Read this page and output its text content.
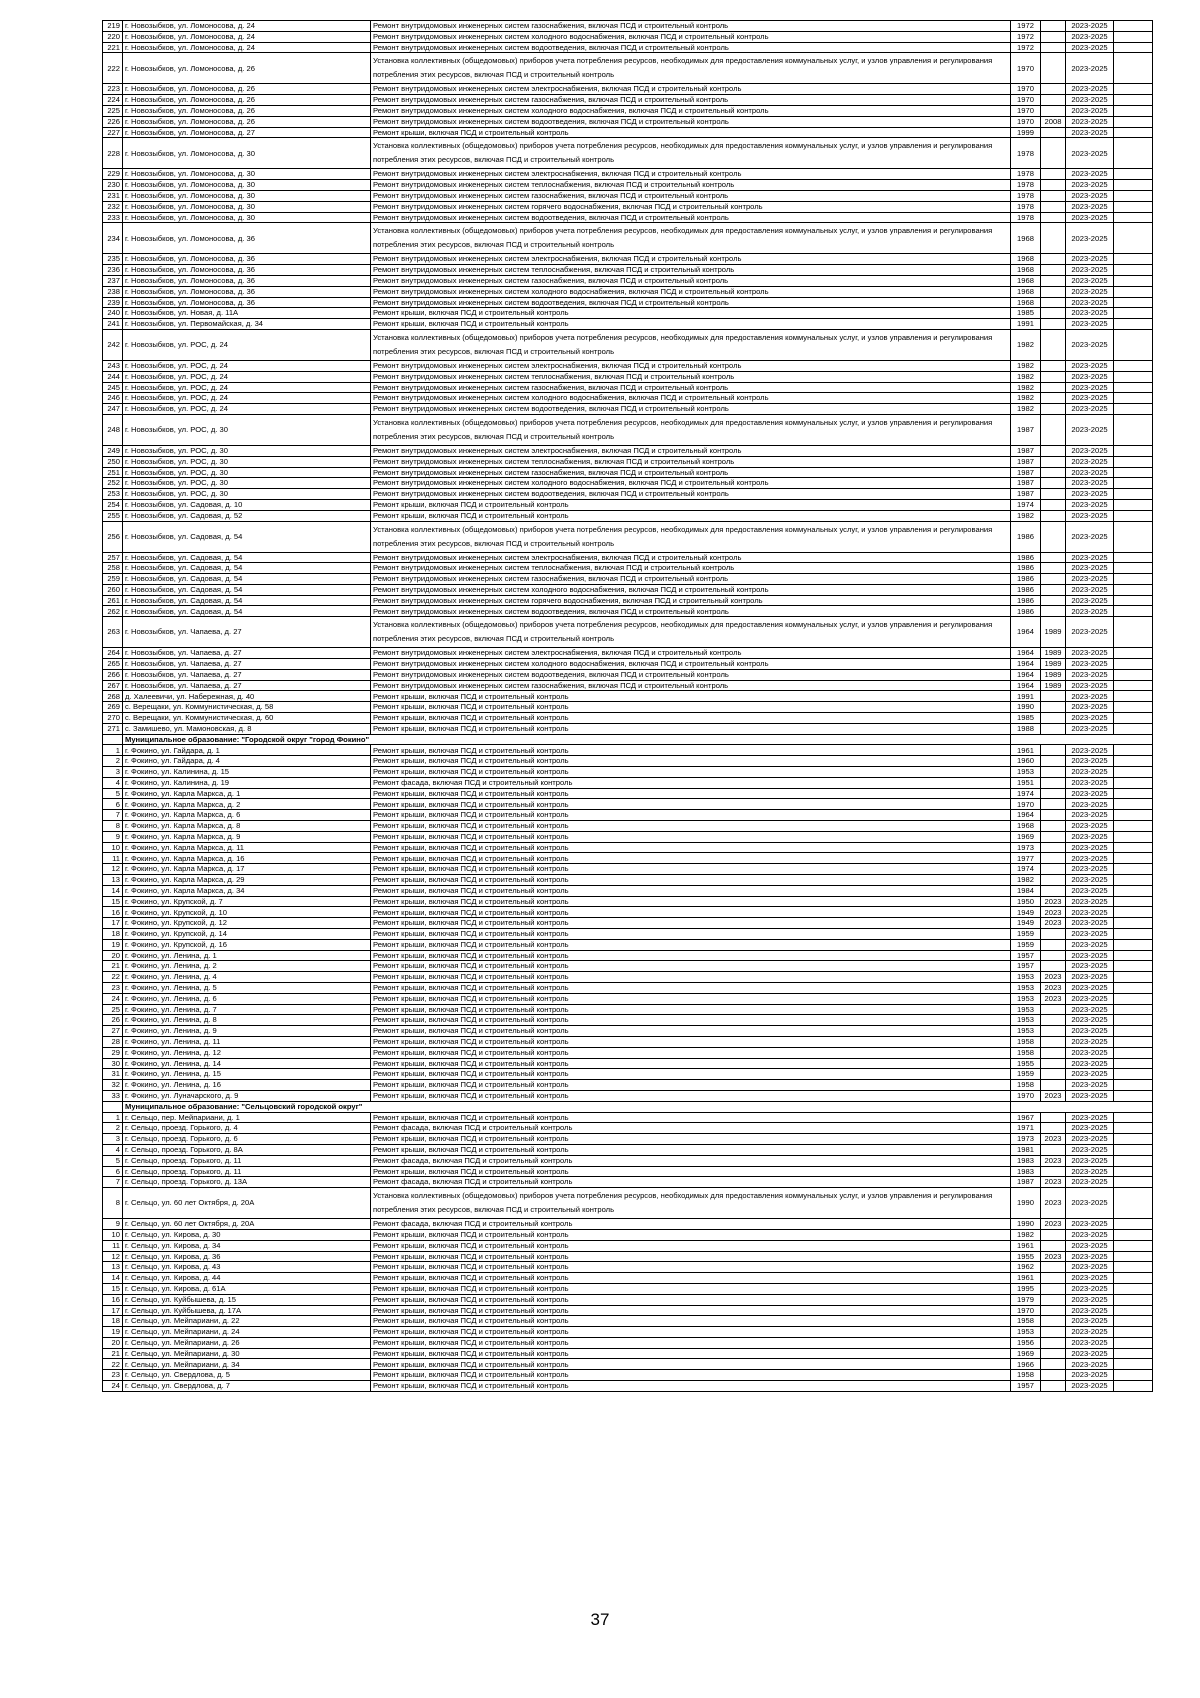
219	г. Новозыбков, ул. Ломоносова, д. 24	Ремонт внутридомовых инженерных систем газоснабжения, включая ПСД и строительный контроль	1972		2023-2025	
220	г. Новозыбков, ул. Ломоносова, д. 24	Ремонт внутридомовых инженерных систем холодного водоснабжения, включая ПСД и строительный контроль	1972		2023-2025	
221	г. Новозыбков, ул. Ломоносова, д. 24	Ремонт внутридомовых инженерных систем водоотведения, включая ПСД и строительный контроль	1972		2023-2025	
222	г. Новозыбков, ул. Ломоносова, д. 26	Установка коллективных (общедомовых) приборов учета потребления ресурсов, необходимых для предоставления коммунальных услуг, и узлов управления и регулирования потребления этих ресурсов, включая ПСД и строительный контроль	1970		2023-2025	
223	г. Новозыбков, ул. Ломоносова, д. 26	Ремонт внутридомовых инженерных систем электроснабжения, включая ПСД и строительный контроль	1970		2023-2025	
224	г. Новозыбков, ул. Ломоносова, д. 26	Ремонт внутридомовых инженерных систем газоснабжения, включая ПСД и строительный контроль	1970		2023-2025	
225	г. Новозыбков, ул. Ломоносова, д. 26	Ремонт внутридомовых инженерных систем холодного водоснабжения, включая ПСД и строительный контроль	1970		2023-2025	
226	г. Новозыбков, ул. Ломоносова, д. 26	Ремонт внутридомовых инженерных систем водоотведения, включая ПСД и строительный контроль	1970	2008	2023-2025	
227	г. Новозыбков, ул. Ломоносова, д. 27	Ремонт крыши, включая ПСД и строительный контроль	1999		2023-2025	
228	г. Новозыбков, ул. Ломоносова, д. 30	Установка коллективных (общедомовых) приборов учета потребления ресурсов, необходимых для предоставления коммунальных услуг, и узлов управления и регулирования потребления этих ресурсов, включая ПСД и строительный контроль	1978		2023-2025	
229	г. Новозыбков, ул. Ломоносова, д. 30	Ремонт внутридомовых инженерных систем электроснабжения, включая ПСД и строительный контроль	1978		2023-2025	
230	г. Новозыбков, ул. Ломоносова, д. 30	Ремонт внутридомовых инженерных систем теплоснабжения, включая ПСД и строительный контроль	1978		2023-2025	
231	г. Новозыбков, ул. Ломоносова, д. 30	Ремонт внутридомовых инженерных систем газоснабжения, включая ПСД и строительный контроль	1978		2023-2025	
232	г. Новозыбков, ул. Ломоносова, д. 30	Ремонт внутридомовых инженерных систем горячего водоснабжения, включая ПСД и строительный контроль	1978		2023-2025	
233	г. Новозыбков, ул. Ломоносова, д. 30	Ремонт внутридомовых инженерных систем водоотведения, включая ПСД и строительный контроль	1978		2023-2025	
234	г. Новозыбков, ул. Ломоносова, д. 36	Установка коллективных (общедомовых) приборов учета потребления ресурсов, необходимых для предоставления коммунальных услуг, и узлов управления и регулирования потребления этих ресурсов, включая ПСД и строительный контроль	1968		2023-2025	
235	г. Новозыбков, ул. Ломоносова, д. 36	Ремонт внутридомовых инженерных систем электроснабжения, включая ПСД и строительный контроль	1968		2023-2025	
236	г. Новозыбков, ул. Ломоносова, д. 36	Ремонт внутридомовых инженерных систем теплоснабжения, включая ПСД и строительный контроль	1968		2023-2025	
237	г. Новозыбков, ул. Ломоносова, д. 36	Ремонт внутридомовых инженерных систем газоснабжения, включая ПСД и строительный контроль	1968		2023-2025	
238	г. Новозыбков, ул. Ломоносова, д. 36	Ремонт внутридомовых инженерных систем холодного водоснабжения, включая ПСД и строительный контроль	1968		2023-2025	
239	г. Новозыбков, ул. Ломоносова, д. 36	Ремонт внутридомовых инженерных систем водоотведения, включая ПСД и строительный контроль	1968		2023-2025	
240	г. Новозыбков, ул. Новая, д. 11А	Ремонт крыши, включая ПСД и строительный контроль	1985		2023-2025	
241	г. Новозыбков, ул. Первомайская, д. 34	Ремонт крыши, включая ПСД и строительный контроль	1991		2023-2025	
242	г. Новозыбков, ул. РОС, д. 24	Установка коллективных (общедомовых) приборов учета потребления ресурсов, необходимых для предоставления коммунальных услуг, и узлов управления и регулирования потребления этих ресурсов, включая ПСД и строительный контроль	1982		2023-2025	
243	г. Новозыбков, ул. РОС, д. 24	Ремонт внутридомовых инженерных систем электроснабжения, включая ПСД и строительный контроль	1982		2023-2025	
244	г. Новозыбков, ул. РОС, д. 24	Ремонт внутридомовых инженерных систем теплоснабжения, включая ПСД и строительный контроль	1982		2023-2025	
245	г. Новозыбков, ул. РОС, д. 24	Ремонт внутридомовых инженерных систем газоснабжения, включая ПСД и строительный контроль	1982		2023-2025	
246	г. Новозыбков, ул. РОС, д. 24	Ремонт внутридомовых инженерных систем холодного водоснабжения, включая ПСД и строительный контроль	1982		2023-2025	
247	г. Новозыбков, ул. РОС, д. 24	Ремонт внутридомовых инженерных систем водоотведения, включая ПСД и строительный контроль	1982		2023-2025	
248	г. Новозыбков, ул. РОС, д. 30	Установка коллективных (общедомовых) приборов учета потребления ресурсов, необходимых для предоставления коммунальных услуг, и узлов управления и регулирования потребления этих ресурсов, включая ПСД и строительный контроль	1987		2023-2025	
249	г. Новозыбков, ул. РОС, д. 30	Ремонт внутридомовых инженерных систем электроснабжения, включая ПСД и строительный контроль	1987		2023-2025	
250	г. Новозыбков, ул. РОС, д. 30	Ремонт внутридомовых инженерных систем теплоснабжения, включая ПСД и строительный контроль	1987		2023-2025	
251	г. Новозыбков, ул. РОС, д. 30	Ремонт внутридомовых инженерных систем газоснабжения, включая ПСД и строительный контроль	1987		2023-2025	
252	г. Новозыбков, ул. РОС, д. 30	Ремонт внутридомовых инженерных систем холодного водоснабжения, включая ПСД и строительный контроль	1987		2023-2025	
253	г. Новозыбков, ул. РОС, д. 30	Ремонт внутридомовых инженерных систем водоотведения, включая ПСД и строительный контроль	1987		2023-2025	
254	г. Новозыбков, ул. Садовая, д. 10	Ремонт крыши, включая ПСД и строительный контроль	1974		2023-2025	
255	г. Новозыбков, ул. Садовая, д. 52	Ремонт крыши, включая ПСД и строительный контроль	1982		2023-2025	
256	г. Новозыбков, ул. Садовая, д. 54	Установка коллективных (общедомовых) приборов учета потребления ресурсов, необходимых для предоставления коммунальных услуг, и узлов управления и регулирования потребления этих ресурсов, включая ПСД и строительный контроль	1986		2023-2025	
257	г. Новозыбков, ул. Садовая, д. 54	Ремонт внутридомовых инженерных систем электроснабжения, включая ПСД и строительный контроль	1986		2023-2025	
258	г. Новозыбков, ул. Садовая, д. 54	Ремонт внутридомовых инженерных систем теплоснабжения, включая ПСД и строительный контроль	1986		2023-2025	
259	г. Новозыбков, ул. Садовая, д. 54	Ремонт внутридомовых инженерных систем газоснабжения, включая ПСД и строительный контроль	1986		2023-2025	
260	г. Новозыбков, ул. Садовая, д. 54	Ремонт внутридомовых инженерных систем холодного водоснабжения, включая ПСД и строительный контроль	1986		2023-2025	
261	г. Новозыбков, ул. Садовая, д. 54	Ремонт внутридомовых инженерных систем горячего водоснабжения, включая ПСД и строительный контроль	1986		2023-2025	
262	г. Новозыбков, ул. Садовая, д. 54	Ремонт внутридомовых инженерных систем водоотведения, включая ПСД и строительный контроль	1986		2023-2025	
263	г. Новозыбков, ул. Чапаева, д. 27	Установка коллективных (общедомовых) приборов учета потребления ресурсов, необходимых для предоставления коммунальных услуг, и узлов управления и регулирования потребления этих ресурсов, включая ПСД и строительный контроль	1964	1989	2023-2025	
264	г. Новозыбков, ул. Чапаева, д. 27	Ремонт внутридомовых инженерных систем электроснабжения, включая ПСД и строительный контроль	1964	1989	2023-2025	
265	г. Новозыбков, ул. Чапаева, д. 27	Ремонт внутридомовых инженерных систем холодного водоснабжения, включая ПСД и строительный контроль	1964	1989	2023-2025	
266	г. Новозыбков, ул. Чапаева, д. 27	Ремонт внутридомовых инженерных систем водоотведения, включая ПСД и строительный контроль	1964	1989	2023-2025	
267	г. Новозыбков, ул. Чапаева, д. 27	Ремонт внутридомовых инженерных систем газоснабжения, включая ПСД и строительный контроль	1964	1989	2023-2025	
268	д. Халеевичи, ул. Набережная, д. 40	Ремонт крыши, включая ПСД и строительный контроль	1991		2023-2025	
269	с. Верещаки, ул. Коммунистическая, д. 58	Ремонт крыши, включая ПСД и строительный контроль	1990		2023-2025	
270	с. Верещаки, ул. Коммунистическая, д. 60	Ремонт крыши, включая ПСД и строительный контроль	1985		2023-2025	
271	с. Замишево, ул. Мамоновская, д. 8	Ремонт крыши, включая ПСД и строительный контроль	1988		2023-2025	
	Муниципальное образование: "Городской округ "город Фокино"					
1	г. Фокино, ул. Гайдара, д. 1	Ремонт крыши, включая ПСД и строительный контроль	1961		2023-2025	
2	г. Фокино, ул. Гайдара, д. 4	Ремонт крыши, включая ПСД и строительный контроль	1960		2023-2025	
3	г. Фокино, ул. Калинина, д. 15	Ремонт крыши, включая ПСД и строительный контроль	1953		2023-2025	
4	г. Фокино, ул. Калинина, д. 19	Ремонт фасада, включая ПСД и строительный контроль	1951		2023-2025	
5	г. Фокино, ул. Карла Маркса, д. 1	Ремонт крыши, включая ПСД и строительный контроль	1974		2023-2025	
6	г. Фокино, ул. Карла Маркса, д. 2	Ремонт крыши, включая ПСД и строительный контроль	1970		2023-2025	
7	г. Фокино, ул. Карла Маркса, д. 6	Ремонт крыши, включая ПСД и строительный контроль	1964		2023-2025	
8	г. Фокино, ул. Карла Маркса, д. 8	Ремонт крыши, включая ПСД и строительный контроль	1968		2023-2025	
9	г. Фокино, ул. Карла Маркса, д. 9	Ремонт крыши, включая ПСД и строительный контроль	1969		2023-2025	
10	г. Фокино, ул. Карла Маркса, д. 11	Ремонт крыши, включая ПСД и строительный контроль	1973		2023-2025	
11	г. Фокино, ул. Карла Маркса, д. 16	Ремонт крыши, включая ПСД и строительный контроль	1977		2023-2025	
12	г. Фокино, ул. Карла Маркса, д. 17	Ремонт крыши, включая ПСД и строительный контроль	1974		2023-2025	
13	г. Фокино, ул. Карла Маркса, д. 29	Ремонт крыши, включая ПСД и строительный контроль	1982		2023-2025	
14	г. Фокино, ул. Карла Маркса, д. 34	Ремонт крыши, включая ПСД и строительный контроль	1984		2023-2025	
15	г. Фокино, ул. Крупской, д. 7	Ремонт крыши, включая ПСД и строительный контроль	1950	2023	2023-2025	
16	г. Фокино, ул. Крупской, д. 10	Ремонт крыши, включая ПСД и строительный контроль	1949	2023	2023-2025	
17	г. Фокино, ул. Крупской, д. 12	Ремонт крыши, включая ПСД и строительный контроль	1949	2023	2023-2025	
18	г. Фокино, ул. Крупской, д. 14	Ремонт крыши, включая ПСД и строительный контроль	1959		2023-2025	
19	г. Фокино, ул. Крупской, д. 16	Ремонт крыши, включая ПСД и строительный контроль	1959		2023-2025	
20	г. Фокино, ул. Ленина, д. 1	Ремонт крыши, включая ПСД и строительный контроль	1957		2023-2025	
21	г. Фокино, ул. Ленина, д. 2	Ремонт крыши, включая ПСД и строительный контроль	1957		2023-2025	
22	г. Фокино, ул. Ленина, д. 4	Ремонт крыши, включая ПСД и строительный контроль	1953	2023	2023-2025	
23	г. Фокино, ул. Ленина, д. 5	Ремонт крыши, включая ПСД и строительный контроль	1953	2023	2023-2025	
24	г. Фокино, ул. Ленина, д. 6	Ремонт крыши, включая ПСД и строительный контроль	1953	2023	2023-2025	
25	г. Фокино, ул. Ленина, д. 7	Ремонт крыши, включая ПСД и строительный контроль	1953		2023-2025	
26	г. Фокино, ул. Ленина, д. 8	Ремонт крыши, включая ПСД и строительный контроль	1953		2023-2025	
27	г. Фокино, ул. Ленина, д. 9	Ремонт крыши, включая ПСД и строительный контроль	1953		2023-2025	
28	г. Фокино, ул. Ленина, д. 11	Ремонт крыши, включая ПСД и строительный контроль	1958		2023-2025	
29	г. Фокино, ул. Ленина, д. 12	Ремонт крыши, включая ПСД и строительный контроль	1958		2023-2025	
30	г. Фокино, ул. Ленина, д. 14	Ремонт крыши, включая ПСД и строительный контроль	1955		2023-2025	
31	г. Фокино, ул. Ленина, д. 15	Ремонт крыши, включая ПСД и строительный контроль	1959		2023-2025	
32	г. Фокино, ул. Ленина, д. 16	Ремонт крыши, включая ПСД и строительный контроль	1958		2023-2025	
33	г. Фокино, ул. Луначарского, д. 9	Ремонт крыши, включая ПСД и строительный контроль	1970	2023	2023-2025	
	Муниципальное образование: "Сельцовский городской округ"					
1	г. Сельцо, пер. Мейпариани, д. 1	Ремонт крыши, включая ПСД и строительный контроль	1967		2023-2025	
2	г. Сельцо, проезд. Горького, д. 4	Ремонт фасада, включая ПСД и строительный контроль	1971		2023-2025	
3	г. Сельцо, проезд. Горького, д. 6	Ремонт крыши, включая ПСД и строительный контроль	1973	2023	2023-2025	
4	г. Сельцо, проезд. Горького, д. 8А	Ремонт крыши, включая ПСД и строительный контроль	1981		2023-2025	
5	г. Сельцо, проезд. Горького, д. 11	Ремонт фасада, включая ПСД и строительный контроль	1983	2023	2023-2025	
6	г. Сельцо, проезд. Горького, д. 11	Ремонт крыши, включая ПСД и строительный контроль	1983		2023-2025	
7	г. Сельцо, проезд. Горького, д. 13А	Ремонт фасада, включая ПСД и строительный контроль	1987	2023	2023-2025	
8	г. Сельцо, ул. 60 лет Октября, д. 20А	Установка коллективных (общедомовых) приборов учета потребления ресурсов, необходимых для предоставления коммунальных услуг, и узлов управления и регулирования потребления этих ресурсов, включая ПСД и строительный контроль	1990	2023	2023-2025	
9	г. Сельцо, ул. 60 лет Октября, д. 20А	Ремонт фасада, включая ПСД и строительный контроль	1990	2023	2023-2025	
10	г. Сельцо, ул. Кирова, д. 30	Ремонт крыши, включая ПСД и строительный контроль	1982		2023-2025	
11	г. Сельцо, ул. Кирова, д. 34	Ремонт крыши, включая ПСД и строительный контроль	1961		2023-2025	
12	г. Сельцо, ул. Кирова, д. 36	Ремонт крыши, включая ПСД и строительный контроль	1955	2023	2023-2025	
13	г. Сельцо, ул. Кирова, д. 43	Ремонт крыши, включая ПСД и строительный контроль	1962		2023-2025	
14	г. Сельцо, ул. Кирова, д. 44	Ремонт крыши, включая ПСД и строительный контроль	1961		2023-2025	
15	г. Сельцо, ул. Кирова, д. 61А	Ремонт крыши, включая ПСД и строительный контроль	1995		2023-2025	
16	г. Сельцо, ул. Куйбышева, д. 15	Ремонт крыши, включая ПСД и строительный контроль	1979		2023-2025	
17	г. Сельцо, ул. Куйбышева, д. 17А	Ремонт крыши, включая ПСД и строительный контроль	1970		2023-2025	
18	г. Сельцо, ул. Мейпариани, д. 22	Ремонт крыши, включая ПСД и строительный контроль	1958		2023-2025	
19	г. Сельцо, ул. Мейпариани, д. 24	Ремонт крыши, включая ПСД и строительный контроль	1953		2023-2025	
20	г. Сельцо, ул. Мейпариани, д. 26	Ремонт крыши, включая ПСД и строительный контроль	1956		2023-2025	
21	г. Сельцо, ул. Мейпариани, д. 30	Ремонт крыши, включая ПСД и строительный контроль	1969		2023-2025	
22	г. Сельцо, ул. Мейпариани, д. 34	Ремонт крыши, включая ПСД и строительный контроль	1966		2023-2025	
23	г. Сельцо, ул. Свердлова, д. 5	Ремонт крыши, включая ПСД и строительный контроль	1958		2023-2025	
24	г. Сельцо, ул. Свердлова, д. 7	Ремонт крыши, включая ПСД и строительный контроль	1957		2023-2025	
37
